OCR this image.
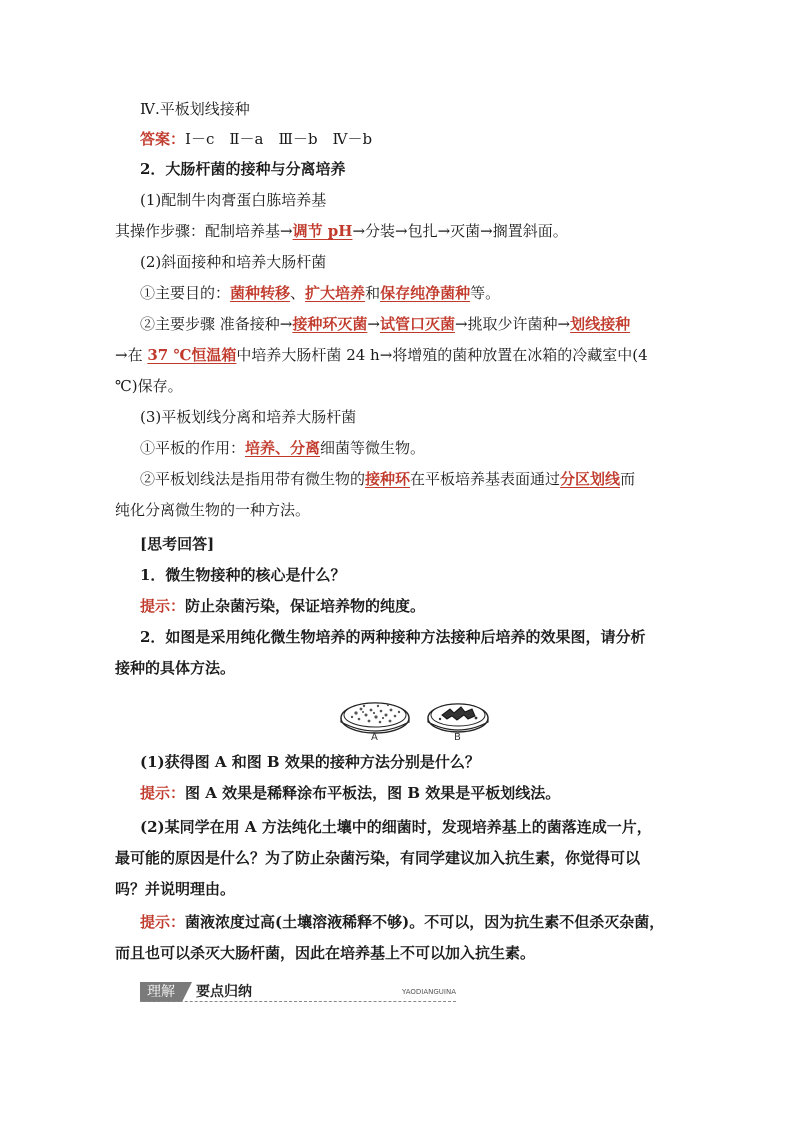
Ⅳ.平板划线接种
答案：Ⅰ－c　Ⅱ－a　Ⅲ－b　Ⅳ－b
2．大肠杆菌的接种与分离培养
(1)配制牛肉膏蛋白胨培养基
其操作步骤：配制培养基→调节 pH→分装→包扎→灭菌→搁置斜面。
(2)斜面接种和培养大肠杆菌
①主要目的：菌种转移、扩大培养和保存纯净菌种等。
②主要步骤 准备接种→接种环灭菌→试管口灭菌→挑取少许菌种→划线接种
→在 37 ℃恒温箱中培养大肠杆菌 24 h→将增殖的菌种放置在冰箱的冷藏室中(4
℃)保存。
(3)平板划线分离和培养大肠杆菌
①平板的作用：培养、分离细菌等微生物。
②平板划线法是指用带有微生物的接种环在平板培养基表面通过分区划线而
纯化分离微生物的一种方法。
[思考回答]
1．微生物接种的核心是什么？
提示：防止杂菌污染，保证培养物的纯度。
2．如图是采用纯化微生物培养的两种接种方法接种后培养的效果图，请分析
接种的具体方法。
A	B
(1)获得图 A 和图 B 效果的接种方法分别是什么？
提示：图 A 效果是稀释涂布平板法，图 B 效果是平板划线法。
(2)某同学在用 A 方法纯化土壤中的细菌时，发现培养基上的菌落连成一片，
最可能的原因是什么？为了防止杂菌污染，有同学建议加入抗生素，你觉得可以
吗？并说明理由。
提示：菌液浓度过高(土壤溶液稀释不够)。不可以，因为抗生素不但杀灭杂菌，
而且也可以杀灭大肠杆菌，因此在培养基上不可以加入抗生素。
理解	要点归纳	YAODIANGUINA
